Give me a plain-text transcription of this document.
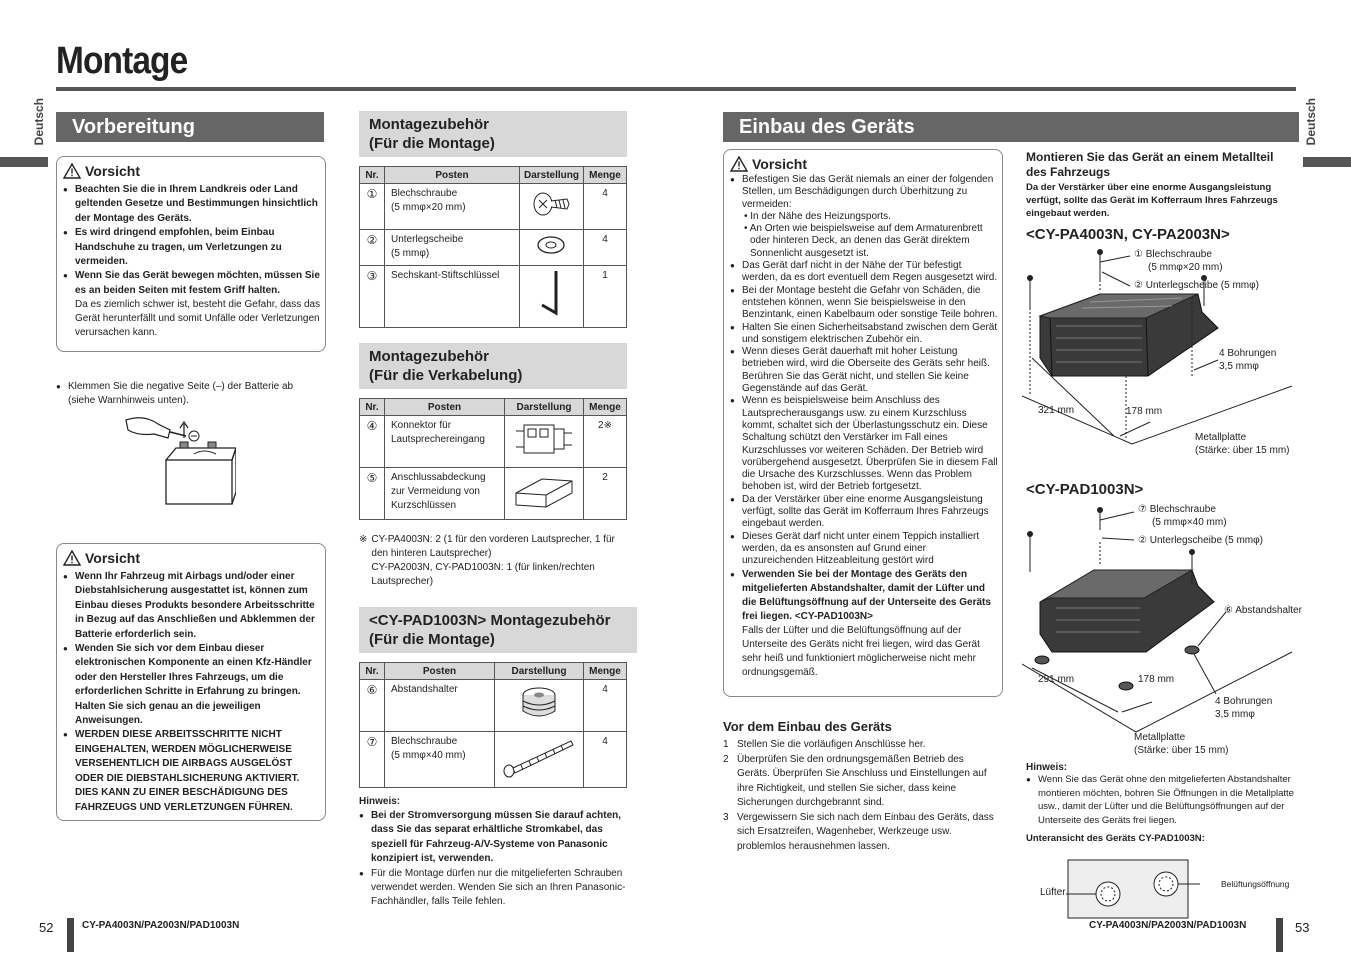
Montage
Deutsch	Deutsch
Vorbereitung
Vorsicht
● Beachten Sie die in Ihrem Landkreis oder Land geltenden Gesetze und Bestimmungen hinsichtlich der Montage des Geräts.
● Es wird dringend empfohlen, beim Einbau Handschuhe zu tragen, um Verletzungen zu vermeiden.
● Wenn Sie das Gerät bewegen möchten, müssen Sie es an beiden Seiten mit festem Griff halten.
Da es ziemlich schwer ist, besteht die Gefahr, dass das Gerät herunterfällt und somit Unfälle oder Verletzungen verursachen kann.
● Klemmen Sie die negative Seite (–) der Batterie ab (siehe Warnhinweis unten).
Vorsicht
● Wenn Ihr Fahrzeug mit Airbags und/oder einer Diebstahlsicherung ausgestattet ist, können zum Einbau dieses Produkts besondere Arbeitsschritte in Bezug auf das Anschließen und Abklemmen der Batterie erforderlich sein.
● Wenden Sie sich vor dem Einbau dieser elektronischen Komponente an einen Kfz-Händler oder den Hersteller Ihres Fahrzeugs, um die erforderlichen Schritte in Erfahrung zu bringen. Halten Sie sich genau an die jeweiligen Anweisungen.
● WERDEN DIESE ARBEITSSCHRITTE NICHT EINGEHALTEN, WERDEN MÖGLICHERWEISE VERSEHENTLICH DIE AIRBAGS AUSGELÖST ODER DIE DIEBSTAHLSICHERUNG AKTIVIERT. DIES KANN ZU EINER BESCHÄDIGUNG DES FAHRZEUGS UND VERLETZUNGEN FÜHREN.
Montagezubehör
(Für die Montage)
Nr.	Posten	Darstellung	Menge
①	Blechschraube
(5 mmφ×20 mm)		4
②	Unterlegscheibe
(5 mmφ)		4
③	Sechskant-Stiftschlüssel		1
Montagezubehör
(Für die Verkabelung)
Nr.	Posten	Darstellung	Menge
④	Konnektor für
Lautsprechereingang		2※
⑤	Anschlussabdeckung
zur Vermeidung von
Kurzschlüssen		2
※ CY-PA4003N: 2 (1 für den vorderen Lautsprecher, 1 für den hinteren Lautsprecher)
CY-PA2003N, CY-PAD1003N: 1 (für linken/rechten Lautsprecher)
<CY-PAD1003N> Montagezubehör
(Für die Montage)
Nr.	Posten	Darstellung	Menge
⑥	Abstandshalter		4
⑦	Blechschraube
(5 mmφ×40 mm)		4
Hinweis:
● Bei der Stromversorgung müssen Sie darauf achten, dass Sie das separat erhältliche Stromkabel, das speziell für Fahrzeug-A/V-Systeme von Panasonic konzipiert ist, verwenden.
● Für die Montage dürfen nur die mitgelieferten Schrauben verwendet werden. Wenden Sie sich an Ihren Panasonic-Fachhändler, falls Teile fehlen.
Einbau des Geräts
Vorsicht
● Befestigen Sie das Gerät niemals an einer der folgenden Stellen, um Beschädigungen durch Überhitzung zu vermeiden:
• In der Nähe des Heizungsports.
• An Orten wie beispielsweise auf dem Armaturenbrett oder hinteren Deck, an denen das Gerät direktem Sonnenlicht ausgesetzt ist.
● Das Gerät darf nicht in der Nähe der Tür befestigt werden, da es dort eventuell dem Regen ausgesetzt wird.
● Bei der Montage besteht die Gefahr von Schäden, die entstehen können, wenn Sie beispielsweise in den Benzintank, einen Kabelbaum oder sonstige Teile bohren.
● Halten Sie einen Sicherheitsabstand zwischen dem Gerät und sonstigem elektrischen Zubehör ein.
● Wenn dieses Gerät dauerhaft mit hoher Leistung betrieben wird, wird die Oberseite des Geräts sehr heiß. Berühren Sie das Gerät nicht, und stellen Sie keine Gegenstände auf das Gerät.
● Wenn es beispielsweise beim Anschluss des Lautsprecherausgangs usw. zu einem Kurzschluss kommt, schaltet sich der Überlastungsschutz ein. Diese Schaltung schützt den Verstärker im Fall eines Kurzschlusses vor weiteren Schäden. Der Betrieb wird vorübergehend ausgesetzt. Überprüfen Sie in diesem Fall die Ursache des Kurzschlusses. Wenn das Problem behoben ist, wird der Betrieb fortgesetzt.
● Da der Verstärker über eine enorme Ausgangsleistung verfügt, sollte das Gerät im Kofferraum Ihres Fahrzeugs eingebaut werden.
● Dieses Gerät darf nicht unter einem Teppich installiert werden, da es ansonsten auf Grund einer unzureichenden Hitzeableitung gestört wird
● Verwenden Sie bei der Montage des Geräts den mitgelieferten Abstandshalter, damit der Lüfter und die Belüftungsöffnung auf der Unterseite des Geräts frei liegen. <CY-PAD1003N>
Falls der Lüfter und die Belüftungsöffnung auf der Unterseite des Geräts nicht frei liegen, wird das Gerät sehr heiß und funktioniert möglicherweise nicht mehr ordnungsgemäß.
Vor dem Einbau des Geräts
1 Stellen Sie die vorläufigen Anschlüsse her.
2 Überprüfen Sie den ordnungsgemäßen Betrieb des Geräts. Überprüfen Sie Anschluss und Einstellungen auf ihre Richtigkeit, und stellen Sie sicher, dass keine Sicherungen durchgebrannt sind.
3 Vergewissern Sie sich nach dem Einbau des Geräts, dass sich Ersatzreifen, Wagenheber, Werkzeuge usw. problemlos herausnehmen lassen.
Montieren Sie das Gerät an einem Metallteil des Fahrzeugs
Da der Verstärker über eine enorme Ausgangsleistung verfügt, sollte das Gerät im Kofferraum Ihres Fahrzeugs eingebaut werden.
<CY-PA4003N, CY-PA2003N>
① Blechschraube
(5 mmφ×20 mm)
② Unterlegscheibe (5 mmφ)
4 Bohrungen
3,5 mmφ
321 mm	178 mm
Metallplatte
(Stärke: über 15 mm)
<CY-PAD1003N>
⑦ Blechschraube
(5 mmφ×40 mm)
② Unterlegscheibe (5 mmφ)
⑥ Abstandshalter
291 mm	178 mm
4 Bohrungen
3,5 mmφ
Metallplatte
(Stärke: über 15 mm)
Hinweis:
● Wenn Sie das Gerät ohne den mitgelieferten Abstandshalter montieren möchten, bohren Sie Öffnungen in die Metallplatte usw., damit der Lüfter und die Belüftungsöffnungen auf der Unterseite des Geräts frei liegen.
Unteransicht des Geräts CY-PAD1003N:
Lüfter
Belüftungsöffnung
52	CY-PA4003N/PA2003N/PAD1003N	CY-PA4003N/PA2003N/PAD1003N	53
